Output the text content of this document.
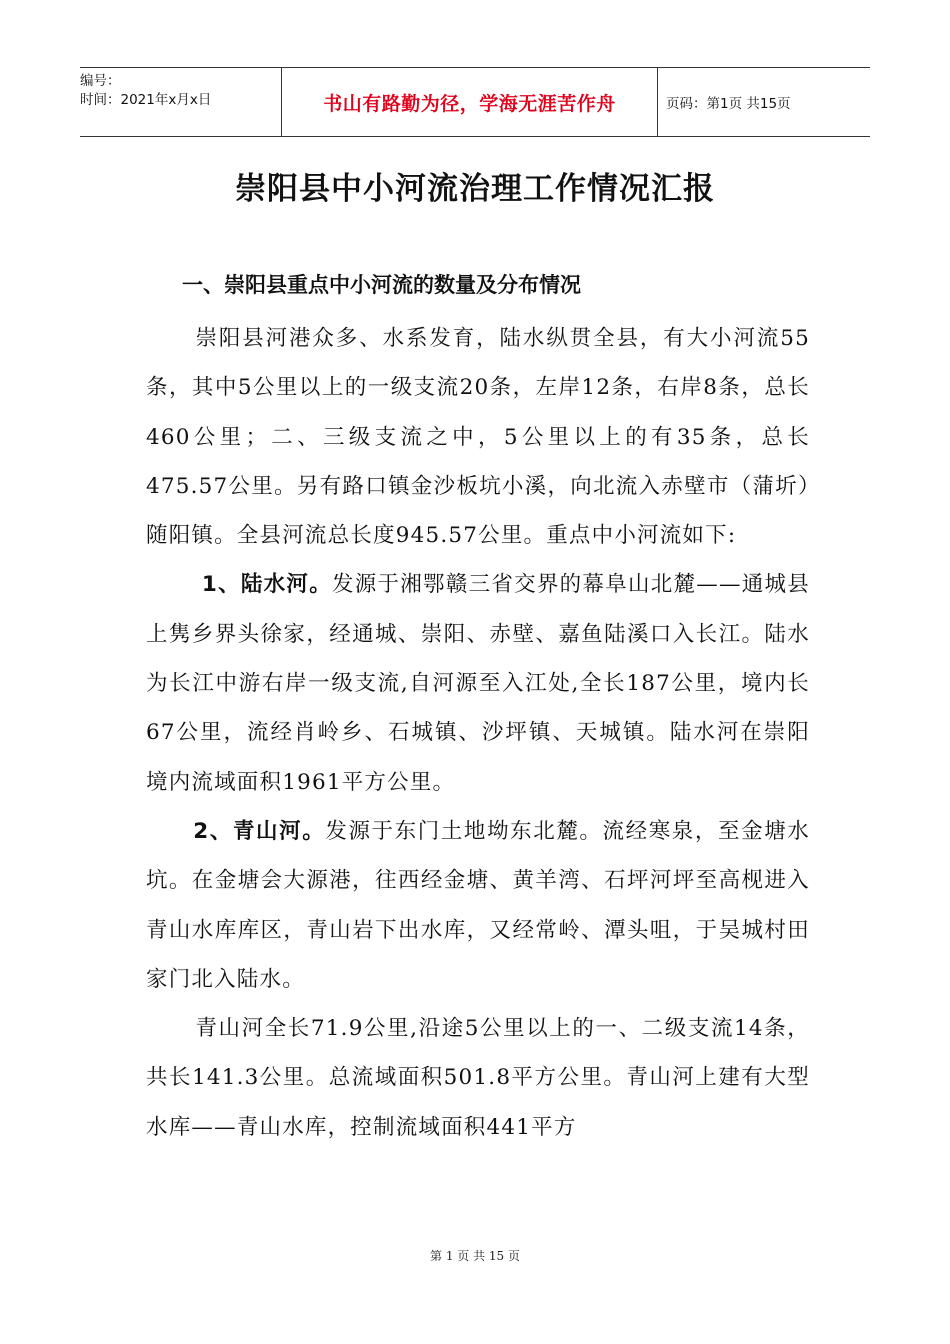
编号：
时间：2021年x月x日	书山有路勤为径，学海无涯苦作舟	页码：第1页 共15页
崇阳县中小河流治理工作情况汇报
一、崇阳县重点中小河流的数量及分布情况

崇阳县河港众多、水系发育，陆水纵贯全县，有大小河流55条，其中5公里以上的一级支流20条，左岸12条，右岸8条，总长460公里；二、三级支流之中，5公里以上的有35条，总长475.57公里。另有路口镇金沙板坑小溪，向北流入赤壁市（蒲圻）随阳镇。全县河流总长度945.57公里。重点中小河流如下:

1、陆水河。发源于湘鄂赣三省交界的幕阜山北麓——通城县上隽乡界头徐家，经通城、崇阳、赤壁、嘉鱼陆溪口入长江。陆水为长江中游右岸一级支流,自河源至入江处,全长187公里，境内长67公里，流经肖岭乡、石城镇、沙坪镇、天城镇。陆水河在崇阳境内流域面积1961平方公里。

2、青山河。发源于东门土地坳东北麓。流经寒泉，至金塘水坑。在金塘会大源港，往西经金塘、黄羊湾、石坪河坪至高枧进入青山水库库区，青山岩下出水库，又经常岭、潭头咀，于吴城村田家门北入陆水。

青山河全长71.9公里,沿途5公里以上的一、二级支流14条，共长141.3公里。总流域面积501.8平方公里。青山河上建有大型水库——青山水库，控制流域面积441平方

第 1 页 共 15 页
